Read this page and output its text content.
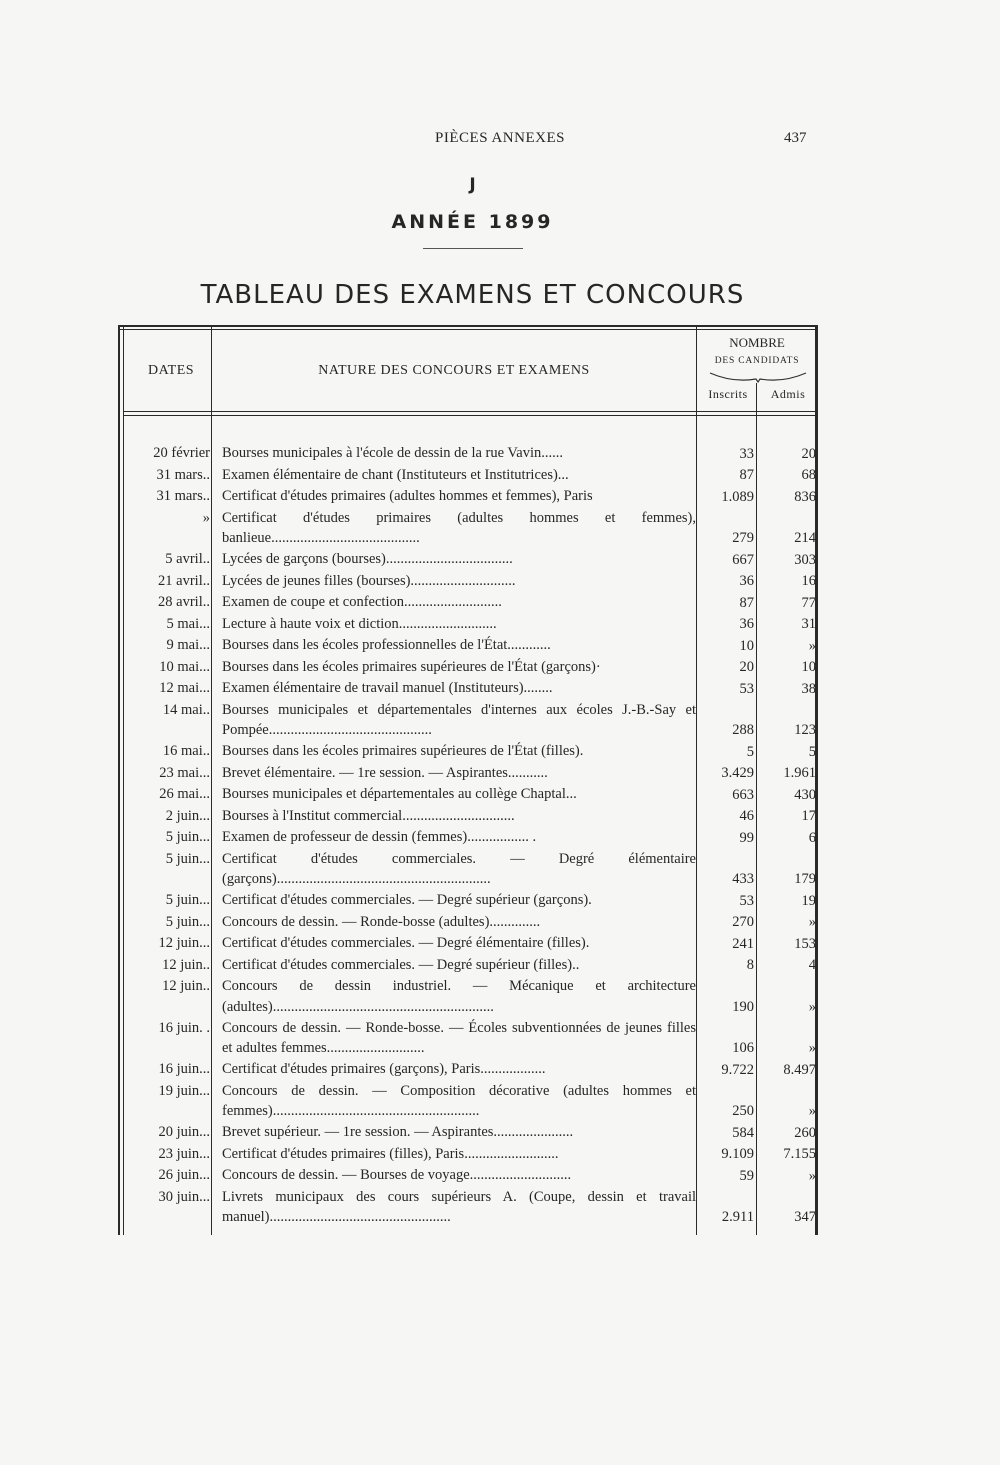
PIÈCES ANNEXES	437
J
ANNÉE 1899
TABLEAU DES EXAMENS ET CONCOURS
DATES	NATURE DES CONCOURS ET EXAMENS
NOMBRE
DES CANDIDATS
Inscrits	Admis
20 février Bourses municipales à l'école de dessin de la rue Vavin......	33	20
31 mars.. Examen élémentaire de chant (Instituteurs et Institutrices)...	87	68
31 mars.. Certificat d'études primaires (adultes hommes et femmes), Paris	1.089	836
» Certificat d'études primaires (adultes hommes et femmes), banlieue.........................................	279	214
5 avril.. Lycées de garçons (bourses)...................................	667	303
21 avril.. Lycées de jeunes filles (bourses).............................	36	16
28 avril.. Examen de coupe et confection...........................	87	77
5 mai... Lecture à haute voix et diction...........................	36	31
9 mai... Bourses dans les écoles professionnelles de l'État............	10	»
10 mai... Bourses dans les écoles primaires supérieures de l'État (garçons)·	20	10
12 mai... Examen élémentaire de travail manuel (Instituteurs)........	53	38
14 mai.. Bourses municipales et départementales d'internes aux écoles J.-B.-Say et Pompée.............................................	288	123
16 mai.. Bourses dans les écoles primaires supérieures de l'État (filles).	5	5
23 mai... Brevet élémentaire. — 1re session. — Aspirantes...........	3.429	1.961
26 mai... Bourses municipales et départementales au collège Chaptal...	663	430
2 juin... Bourses à l'Institut commercial...............................	46	17
5 juin... Examen de professeur de dessin (femmes)................. .	99	6
5 juin... Certificat d'études commerciales. — Degré élémentaire (garçons)...........................................................	433	179
5 juin... Certificat d'études commerciales. — Degré supérieur (garçons).	53	19
5 juin... Concours de dessin. — Ronde-bosse (adultes)..............	270	»
12 juin... Certificat d'études commerciales. — Degré élémentaire (filles).	241	153
12 juin.. Certificat d'études commerciales. — Degré supérieur (filles)..	8	4
12 juin.. Concours de dessin industriel. — Mécanique et architecture (adultes).............................................................	190	»
16 juin. . Concours de dessin. — Ronde-bosse. — Écoles subventionnées de jeunes filles et adultes femmes...........................	106	»
16 juin... Certificat d'études primaires (garçons), Paris..................	9.722	8.497
19 juin... Concours de dessin. — Composition décorative (adultes hommes et femmes).........................................................	250	»
20 juin... Brevet supérieur. — 1re session. — Aspirantes......................	584	260
23 juin... Certificat d'études primaires (filles), Paris..........................	9.109	7.155
26 juin... Concours de dessin. — Bourses de voyage............................	59	»
30 juin... Livrets municipaux des cours supérieurs A. (Coupe, dessin et travail manuel)..................................................	2.911	347
